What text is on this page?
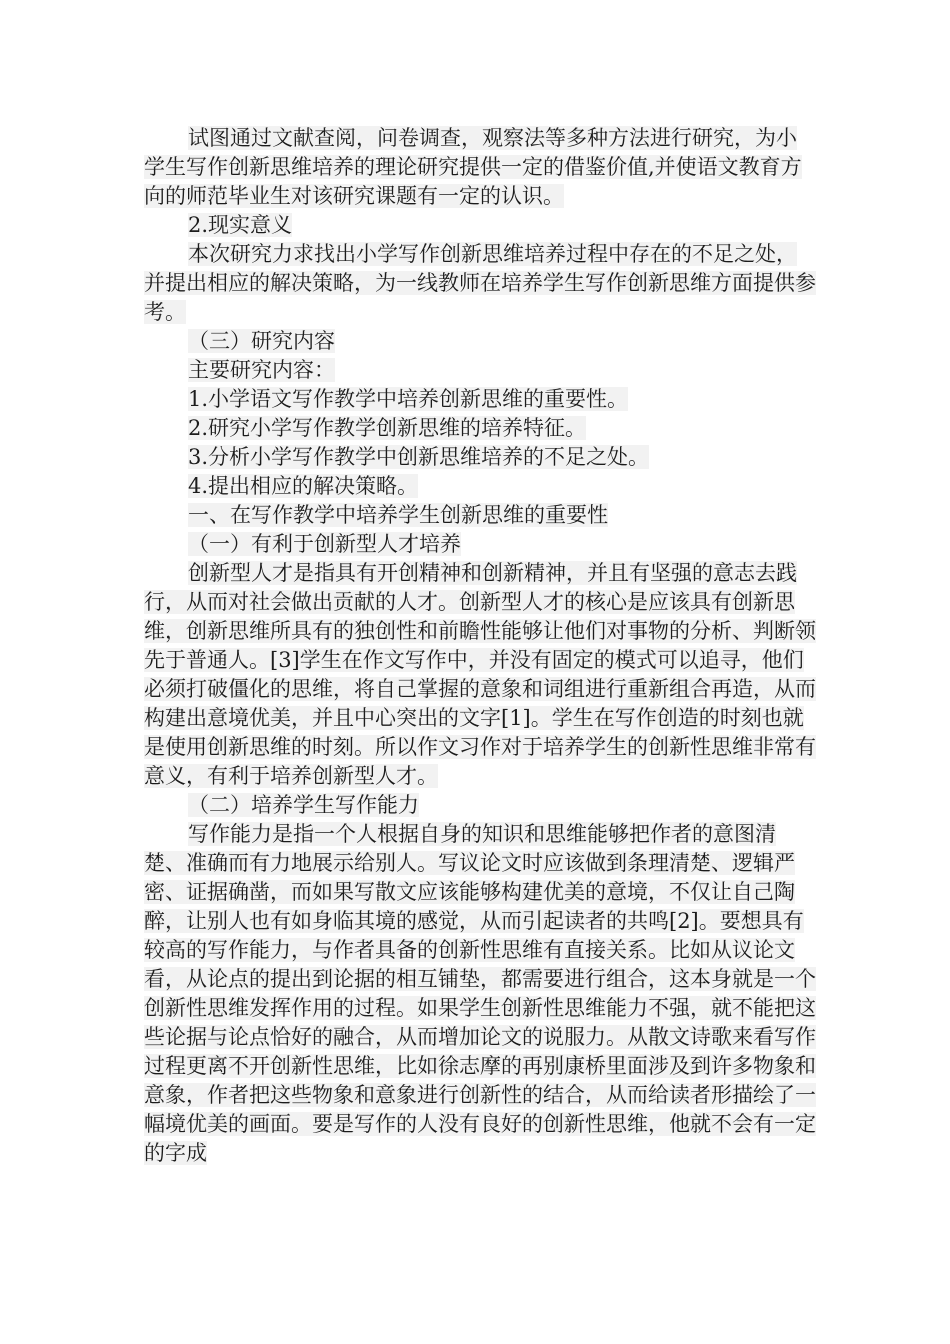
试图通过文献查阅，问卷调查，观察法等多种方法进行研究，为小学生写作创新思维培养的理论研究提供一定的借鉴价值,并使语文教育方向的师范毕业生对该研究课题有一定的认识。

2.现实意义

本次研究力求找出小学写作创新思维培养过程中存在的不足之处，并提出相应的解决策略，为一线教师在培养学生写作创新思维方面提供参考。

（三）研究内容

主要研究内容：

1.小学语文写作教学中培养创新思维的重要性。

2.研究小学写作教学创新思维的培养特征。

3.分析小学写作教学中创新思维培养的不足之处。

4.提出相应的解决策略。

一、在写作教学中培养学生创新思维的重要性

（一）有利于创新型人才培养

创新型人才是指具有开创精神和创新精神，并且有坚强的意志去践行，从而对社会做出贡献的人才。创新型人才的核心是应该具有创新思维，创新思维所具有的独创性和前瞻性能够让他们对事物的分析、判断领先于普通人。[3]学生在作文写作中，并没有固定的模式可以追寻，他们必须打破僵化的思维，将自己掌握的意象和词组进行重新组合再造，从而构建出意境优美，并且中心突出的文字[1]。学生在写作创造的时刻也就是使用创新思维的时刻。所以作文习作对于培养学生的创新性思维非常有意义，有利于培养创新型人才。

（二）培养学生写作能力

写作能力是指一个人根据自身的知识和思维能够把作者的意图清楚、准确而有力地展示给别人。写议论文时应该做到条理清楚、逻辑严密、证据确凿，而如果写散文应该能够构建优美的意境，不仅让自己陶醉，让别人也有如身临其境的感觉，从而引起读者的共鸣[2]。要想具有较高的写作能力，与作者具备的创新性思维有直接关系。比如从议论文看，从论点的提出到论据的相互铺垫，都需要进行组合，这本身就是一个创新性思维发挥作用的过程。如果学生创新性思维能力不强，就不能把这些论据与论点恰好的融合，从而增加论文的说服力。从散文诗歌来看写作过程更离不开创新性思维，比如徐志摩的再别康桥里面涉及到许多物象和意象，作者把这些物象和意象进行创新性的结合，从而给读者形描绘了一幅境优美的画面。要是写作的人没有良好的创新性思维，他就不会有一定的字成
